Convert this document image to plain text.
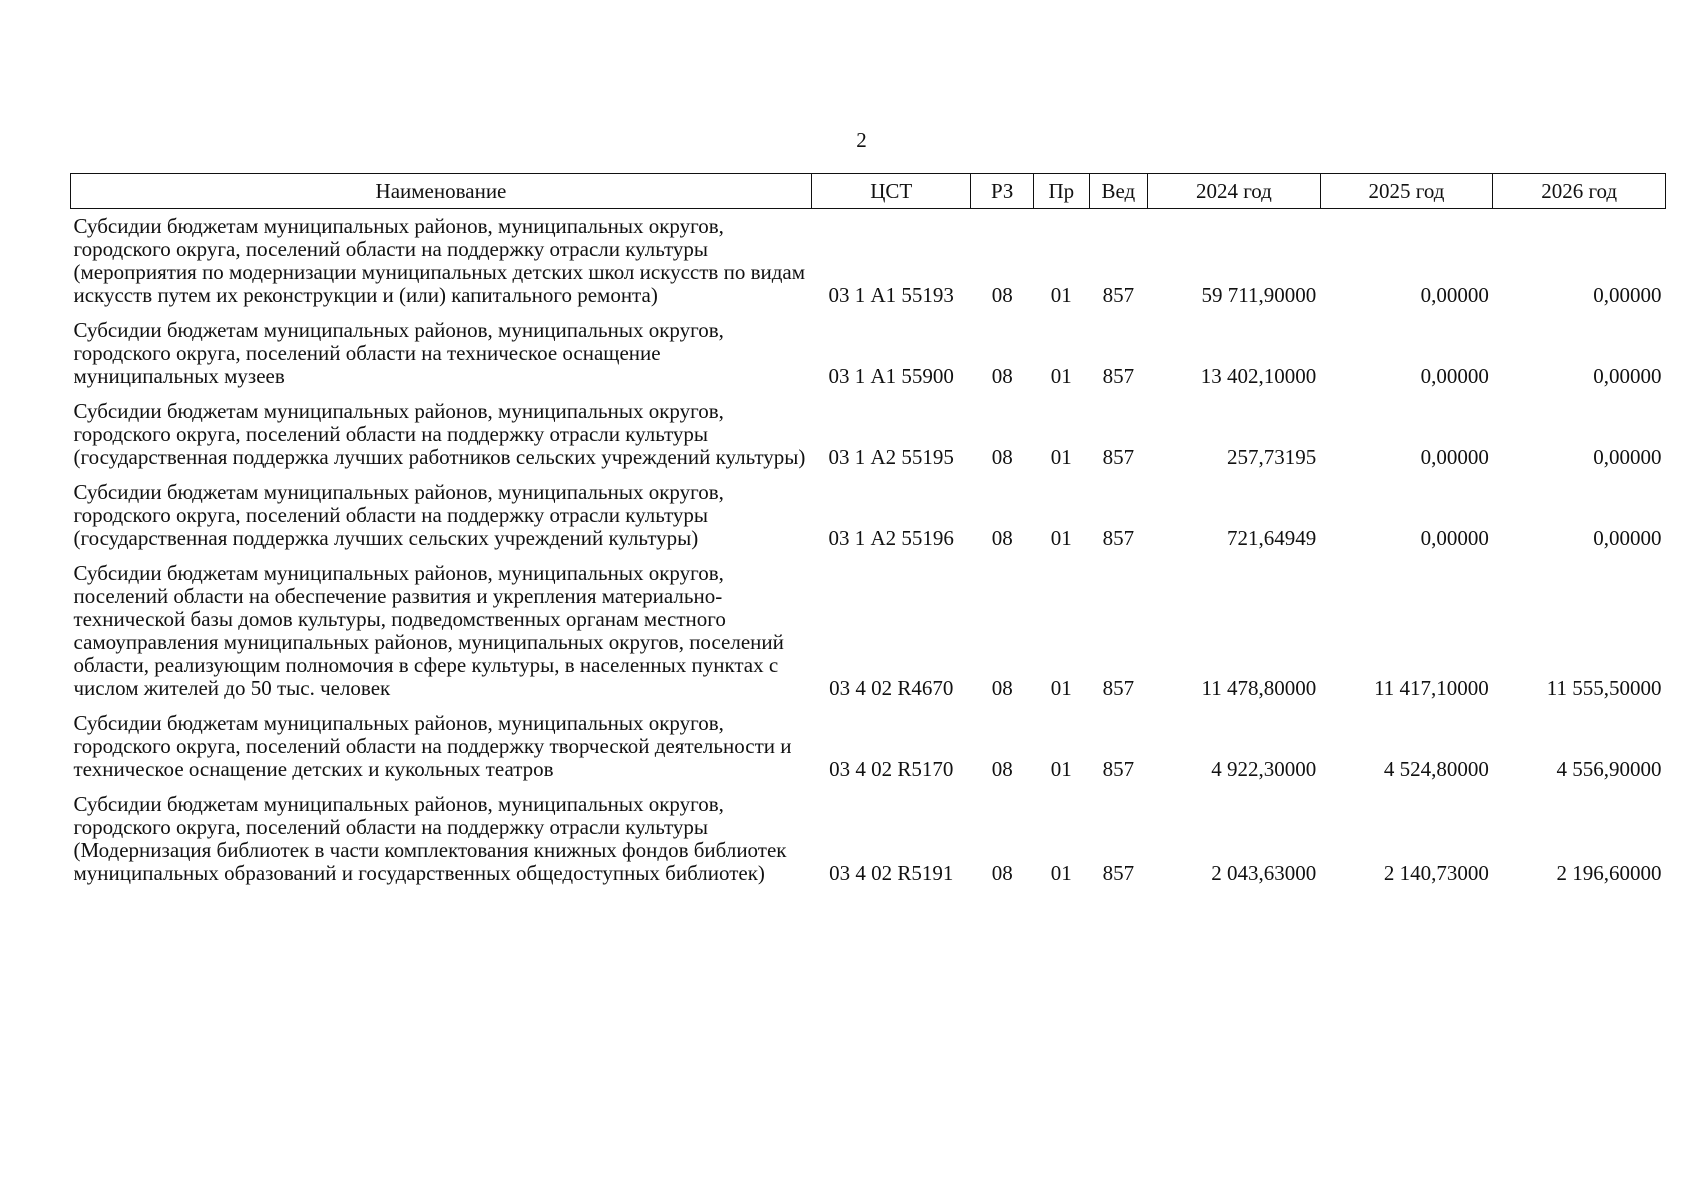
2
Наименование	ЦСТ	РЗ	Пр	Вед	2024 год	2025 год	2026 год
Субсидии бюджетам муниципальных районов, муниципальных округов, городского округа, поселений области на поддержку отрасли культуры (мероприятия по модернизации муниципальных детских школ искусств по видам искусств путем их реконструкции и (или) капитального ремонта)	03 1 А1 55193	08	01	857	59 711,90000	0,00000	0,00000
Субсидии бюджетам муниципальных районов, муниципальных округов, городского округа, поселений области на техническое оснащение муниципальных музеев	03 1 А1 55900	08	01	857	13 402,10000	0,00000	0,00000
Субсидии бюджетам муниципальных районов, муниципальных округов, городского округа, поселений области на поддержку отрасли культуры (государственная поддержка лучших работников сельских учреждений культуры)	03 1 А2 55195	08	01	857	257,73195	0,00000	0,00000
Субсидии бюджетам муниципальных районов, муниципальных округов, городского округа, поселений области на поддержку отрасли культуры (государственная поддержка лучших сельских учреждений культуры)	03 1 А2 55196	08	01	857	721,64949	0,00000	0,00000
Субсидии бюджетам муниципальных районов, муниципальных округов, поселений области на обеспечение развития и укрепления материально-технической базы домов культуры, подведомственных органам местного самоуправления муниципальных районов, муниципальных округов, поселений области, реализующим полномочия в сфере культуры, в населенных пунктах с числом жителей до 50 тыс. человек	03 4 02 R4670	08	01	857	11 478,80000	11 417,10000	11 555,50000
Субсидии бюджетам муниципальных районов, муниципальных округов, городского округа, поселений области на поддержку творческой деятельности и техническое оснащение детских и кукольных театров	03 4 02 R5170	08	01	857	4 922,30000	4 524,80000	4 556,90000
Субсидии бюджетам муниципальных районов, муниципальных округов, городского округа, поселений области на поддержку отрасли культуры (Модернизация библиотек в части комплектования книжных фондов библиотек муниципальных образований и государственных общедоступных библиотек)	03 4 02 R5191	08	01	857	2 043,63000	2 140,73000	2 196,60000
